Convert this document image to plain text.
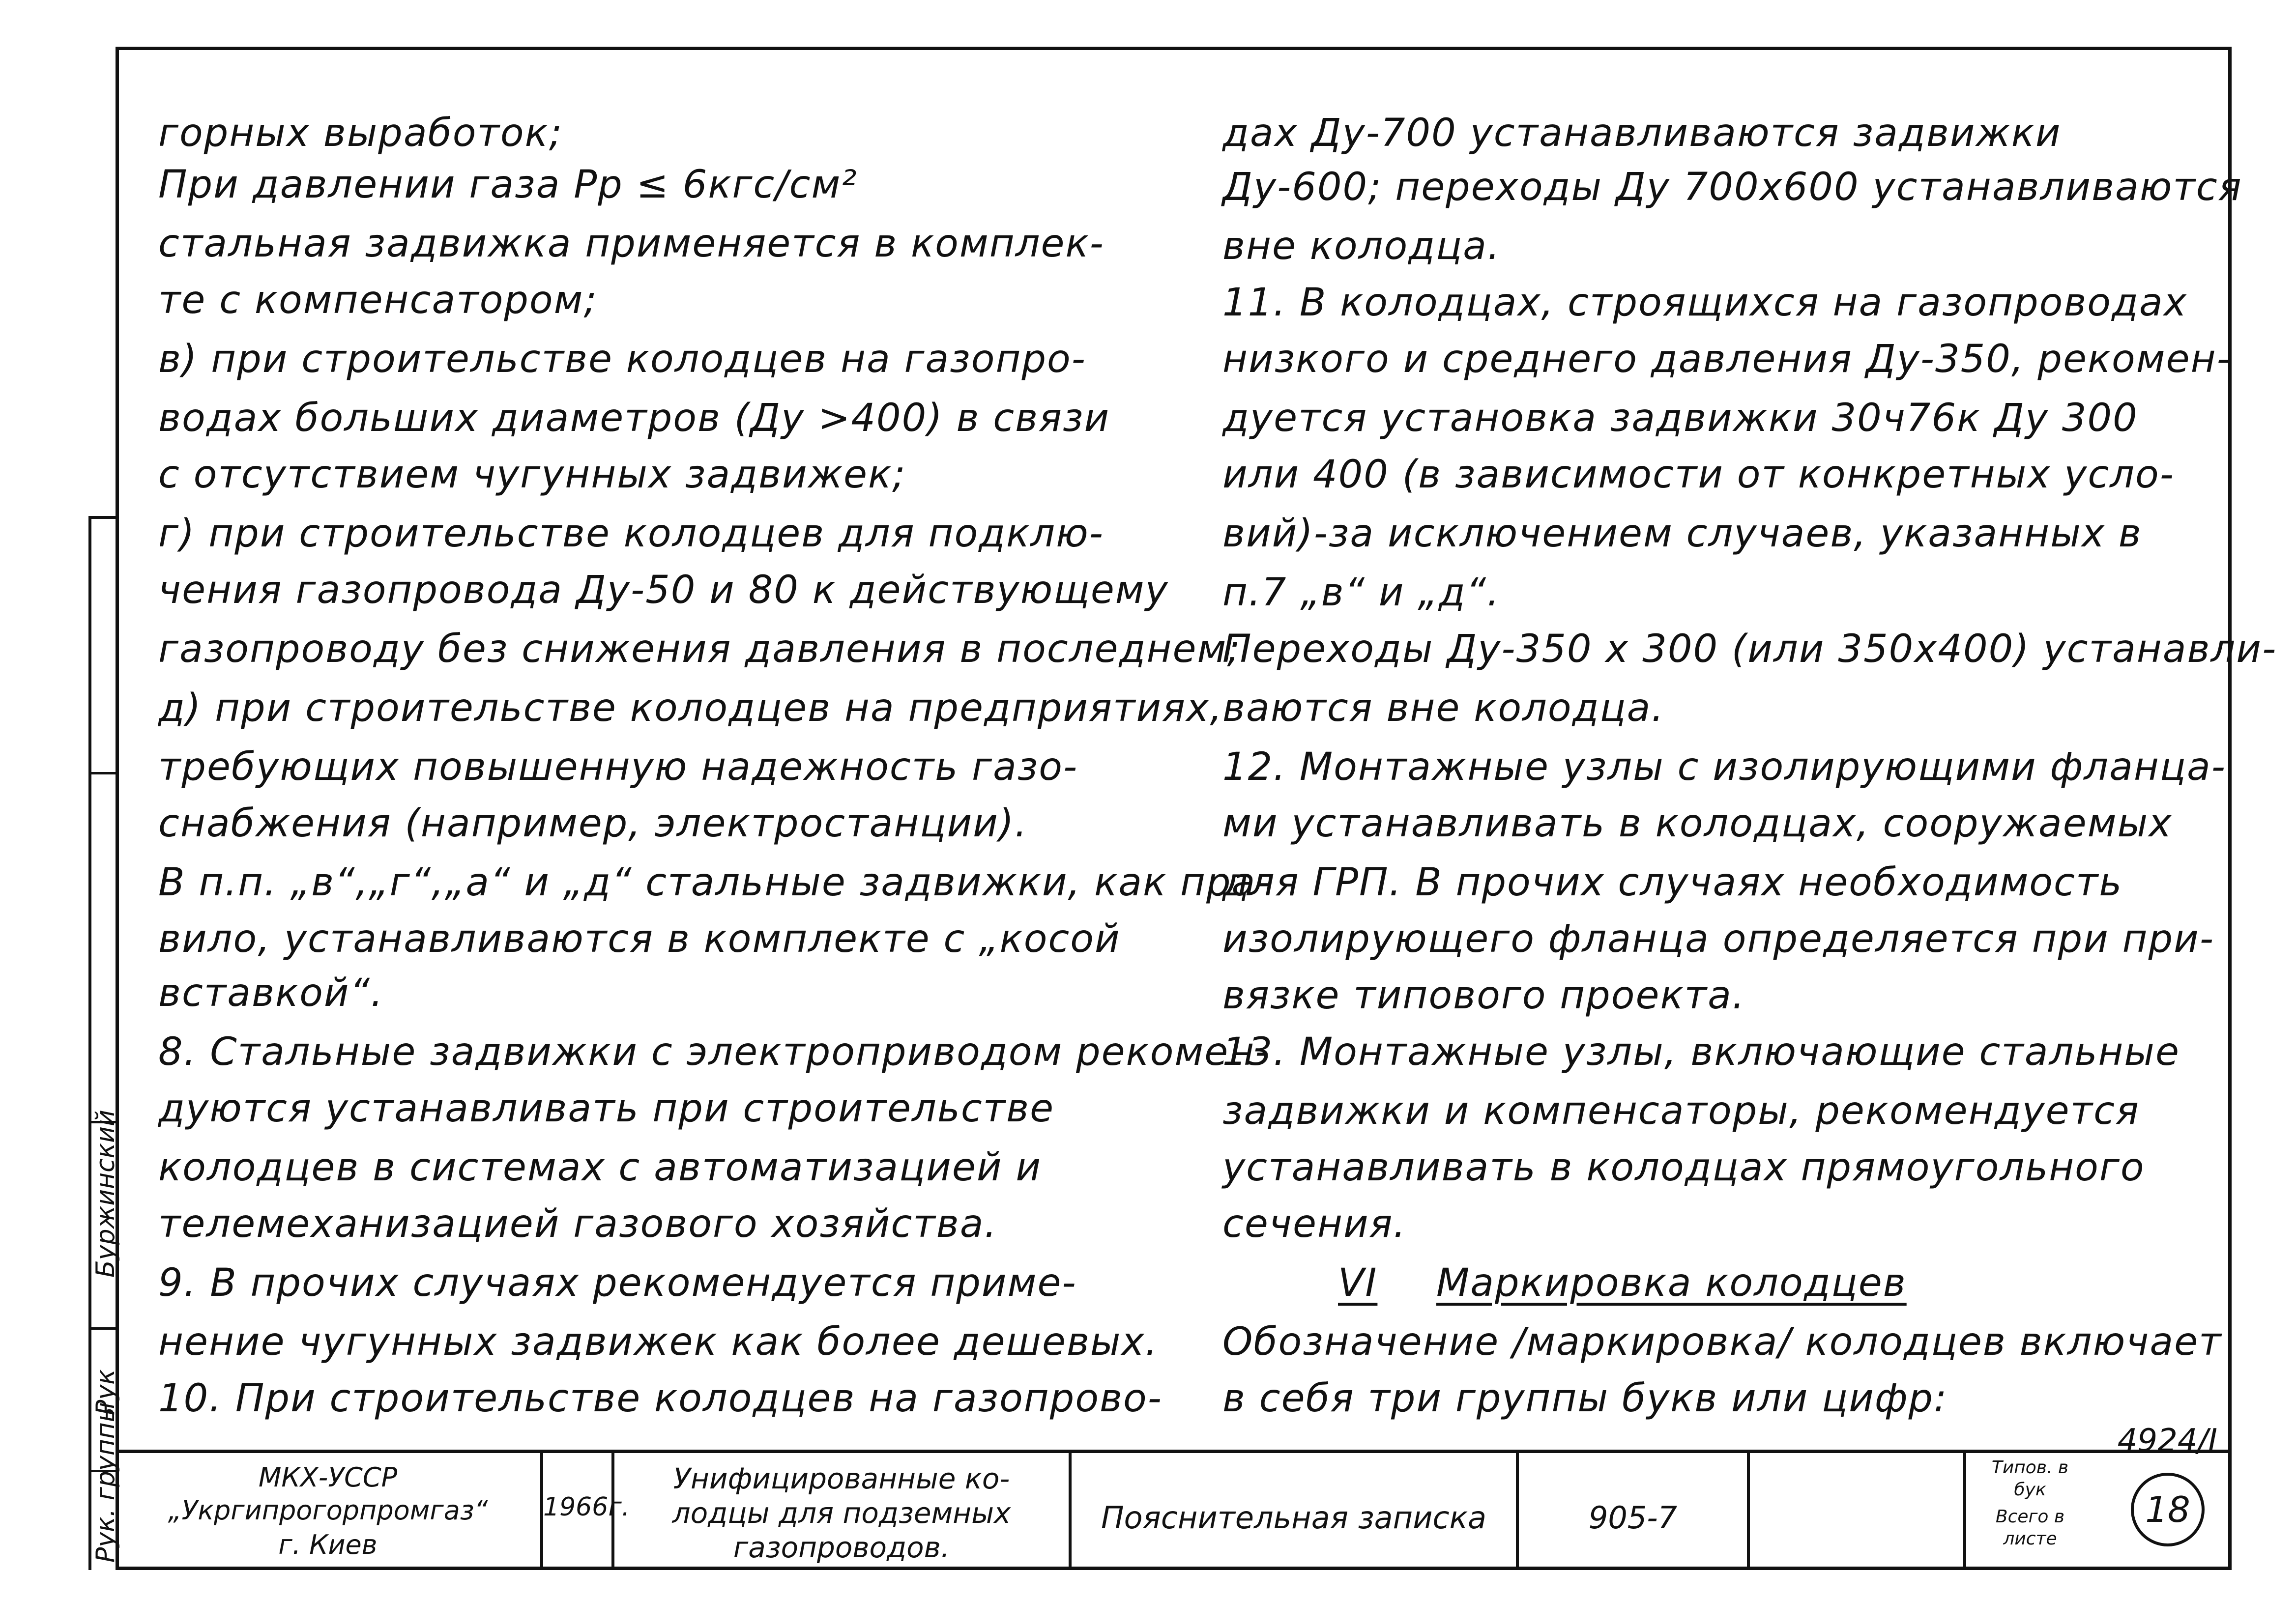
Рук. группы
Рук
Буржинский
горных выработок;
При давлении газа Pр ≤ 6кгс/см²
стальная задвижка применяется в комплек-
те с компенсатором;
в) при строительстве колодцев на газопро-
водах больших диаметров (Ду >400) в связи
с отсутствием чугунных задвижек;
г) при строительстве колодцев для подклю-
чения газопровода Ду-50 и 80 к действующему
газопроводу без снижения давления в последнем;
д) при строительстве колодцев на предприятиях,
требующих повышенную надежность газо-
снабжения (например, электростанции).
В п.п. „в“,„г“,„а“ и „д“ стальные задвижки, как пра-
вило, устанавливаются в комплекте с „косой
вставкой“.
8. Стальные задвижки с электроприводом рекомен-
дуются устанавливать при строительстве
колодцев в системах с автоматизацией и
телемеханизацией газового хозяйства.
9. В прочих случаях рекомендуется приме-
нение чугунных задвижек как более дешевых.
10. При строительстве колодцев на газопрово-
дах Ду-700 устанавливаются задвижки
Ду-600; переходы Ду 700х600 устанавливаются
вне колодца.
11. В колодцах, строящихся на газопроводах
низкого и среднего давления Ду-350, рекомен-
дуется установка задвижки 30ч76к Ду 300
или 400 (в зависимости от конкретных усло-
вий)-за исключением случаев, указанных в
п.7 „в“ и „д“.
Переходы Ду-350 х 300 (или 350х400) устанавли-
ваются вне колодца.
12. Монтажные узлы с изолирующими фланца-
ми устанавливать в колодцах, сооружаемых
для ГРП. В прочих случаях необходимость
изолирующего фланца определяется при при-
вязке типового проекта.
13. Монтажные узлы, включающие стальные
задвижки и компенсаторы, рекомендуется
устанавливать в колодцах прямоугольного
сечения.
VI Маркировка колодцев
Обозначение /маркировка/ колодцев включает
в себя три группы букв или цифр:
4924/I
МКХ-УССР
„Укргипрогорпромгаз“
г. Киев
1966г.
Унифицированные ко-
лодцы для подземных
газопроводов.
Пояснительная записка	905-7
Типов. в
бук
Всего в
листе
18
